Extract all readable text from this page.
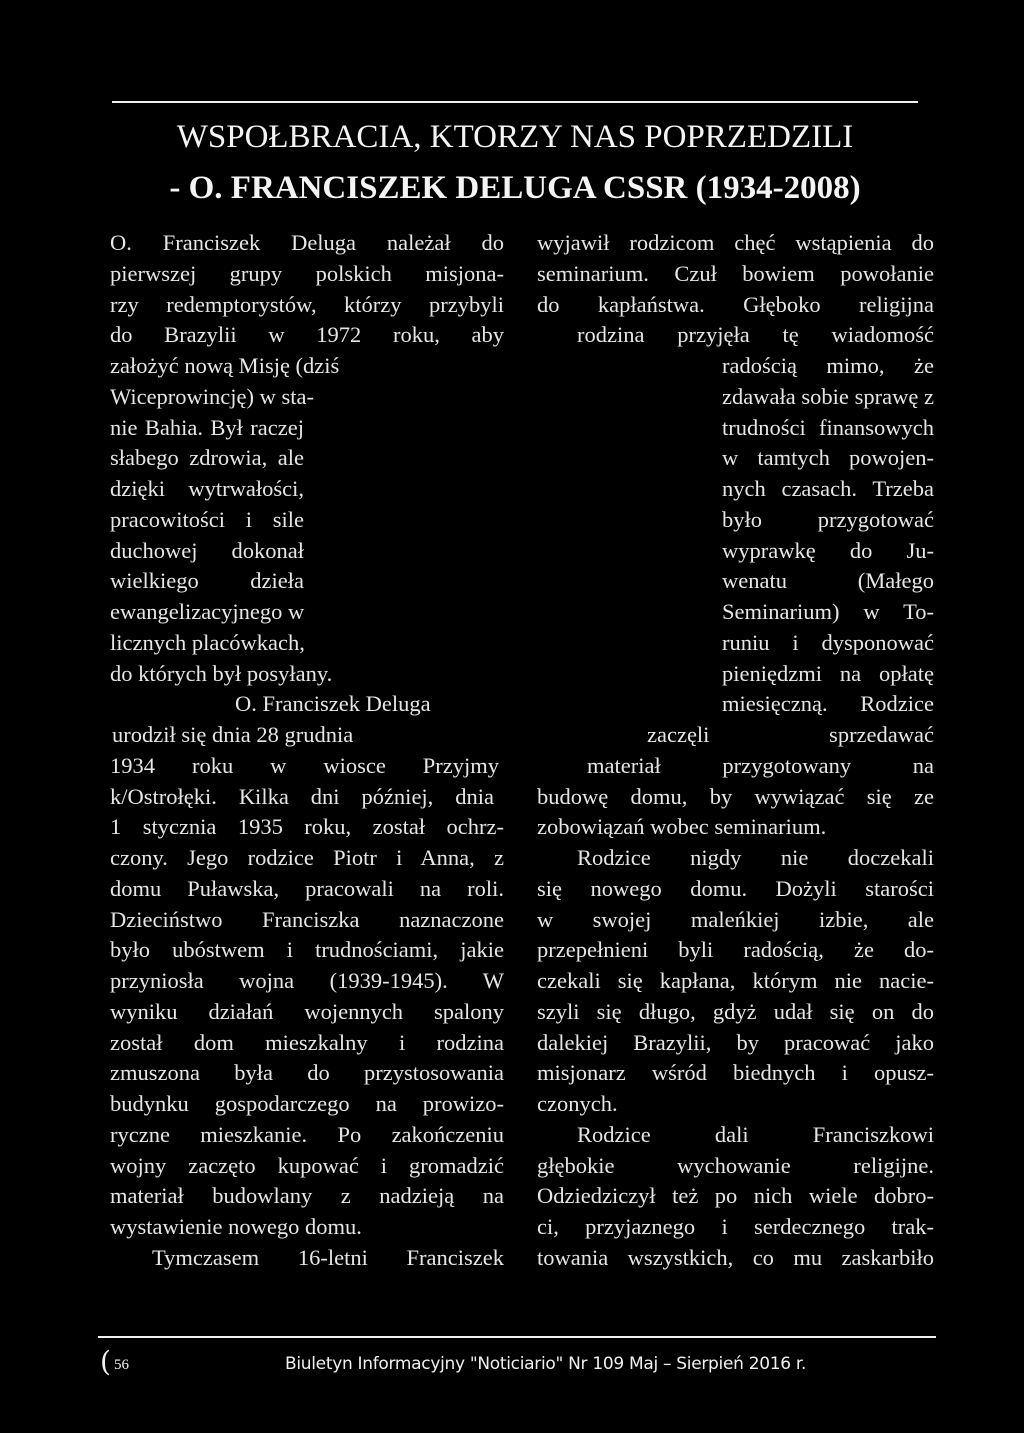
WSPOŁBRACIA, KTORZY NAS POPRZEDZILI
- O. FRANCISZEK DELUGA CSSR (1934-2008)
O. Franciszek Deluga należał do
pierwszej grupy polskich misjona-
rzy redemptorystów, którzy przybyli
do Brazylii w 1972 roku, aby
założyć nową Misję (dziś
Wiceprowincję) w sta-
nie Bahia. Był raczej
słabego zdrowia, ale
dzięki wytrwałości,
pracowitości i sile
duchowej dokonał
wielkiego dzieła
ewangelizacyjnego w
licznych placówkach,
do których był posyłany.
O. Franciszek Deluga
urodził się dnia 28 grudnia
1934 roku w wiosce Przyjmy
k/Ostrołęki. Kilka dni później, dnia
1 stycznia 1935 roku, został ochrz-
czony. Jego rodzice Piotr i Anna, z
domu Puławska, pracowali na roli.
Dzieciństwo Franciszka naznaczone
było ubóstwem i trudnościami, jakie
przyniosła wojna (1939-1945). W
wyniku działań wojennych spalony
został dom mieszkalny i rodzina
zmuszona była do przystosowania
budynku gospodarczego na prowizo-
ryczne mieszkanie. Po zakończeniu
wojny zaczęto kupować i gromadzić
materiał budowlany z nadzieją na
wystawienie nowego domu.
Tymczasem 16-letni Franciszek
wyjawił rodzicom chęć wstąpienia do
seminarium. Czuł bowiem powołanie
do kapłaństwa. Głęboko religijna
rodzina przyjęła tę wiadomość
radością mimo, że
zdawała sobie sprawę z
trudności finansowych
w tamtych powojen-
nych czasach. Trzeba
było przygotować
wyprawkę do Ju-
wenatu (Małego
Seminarium) w To-
runiu i dysponować
pieniędzmi na opłatę
miesięczną. Rodzice
zaczęli sprzedawać
materiał przygotowany na
budowę domu, by wywiązać się ze
zobowiązań wobec seminarium.
Rodzice nigdy nie doczekali
się nowego domu. Dożyli starości
w swojej maleńkiej izbie, ale
przepełnieni byli radością, że do-
czekali się kapłana, którym nie nacie-
szyli się długo, gdyż udał się on do
dalekiej Brazylii, by pracować jako
misjonarz wśród biednych i opusz-
czonych.
Rodzice dali Franciszkowi
głębokie wychowanie religijne.
Odziedziczył też po nich wiele dobro-
ci, przyjaznego i serdecznego trak-
towania wszystkich, co mu zaskarbiło
( 56	Biuletyn Informacyjny "Noticiario" Nr 109 Maj – Sierpień 2016 r.
